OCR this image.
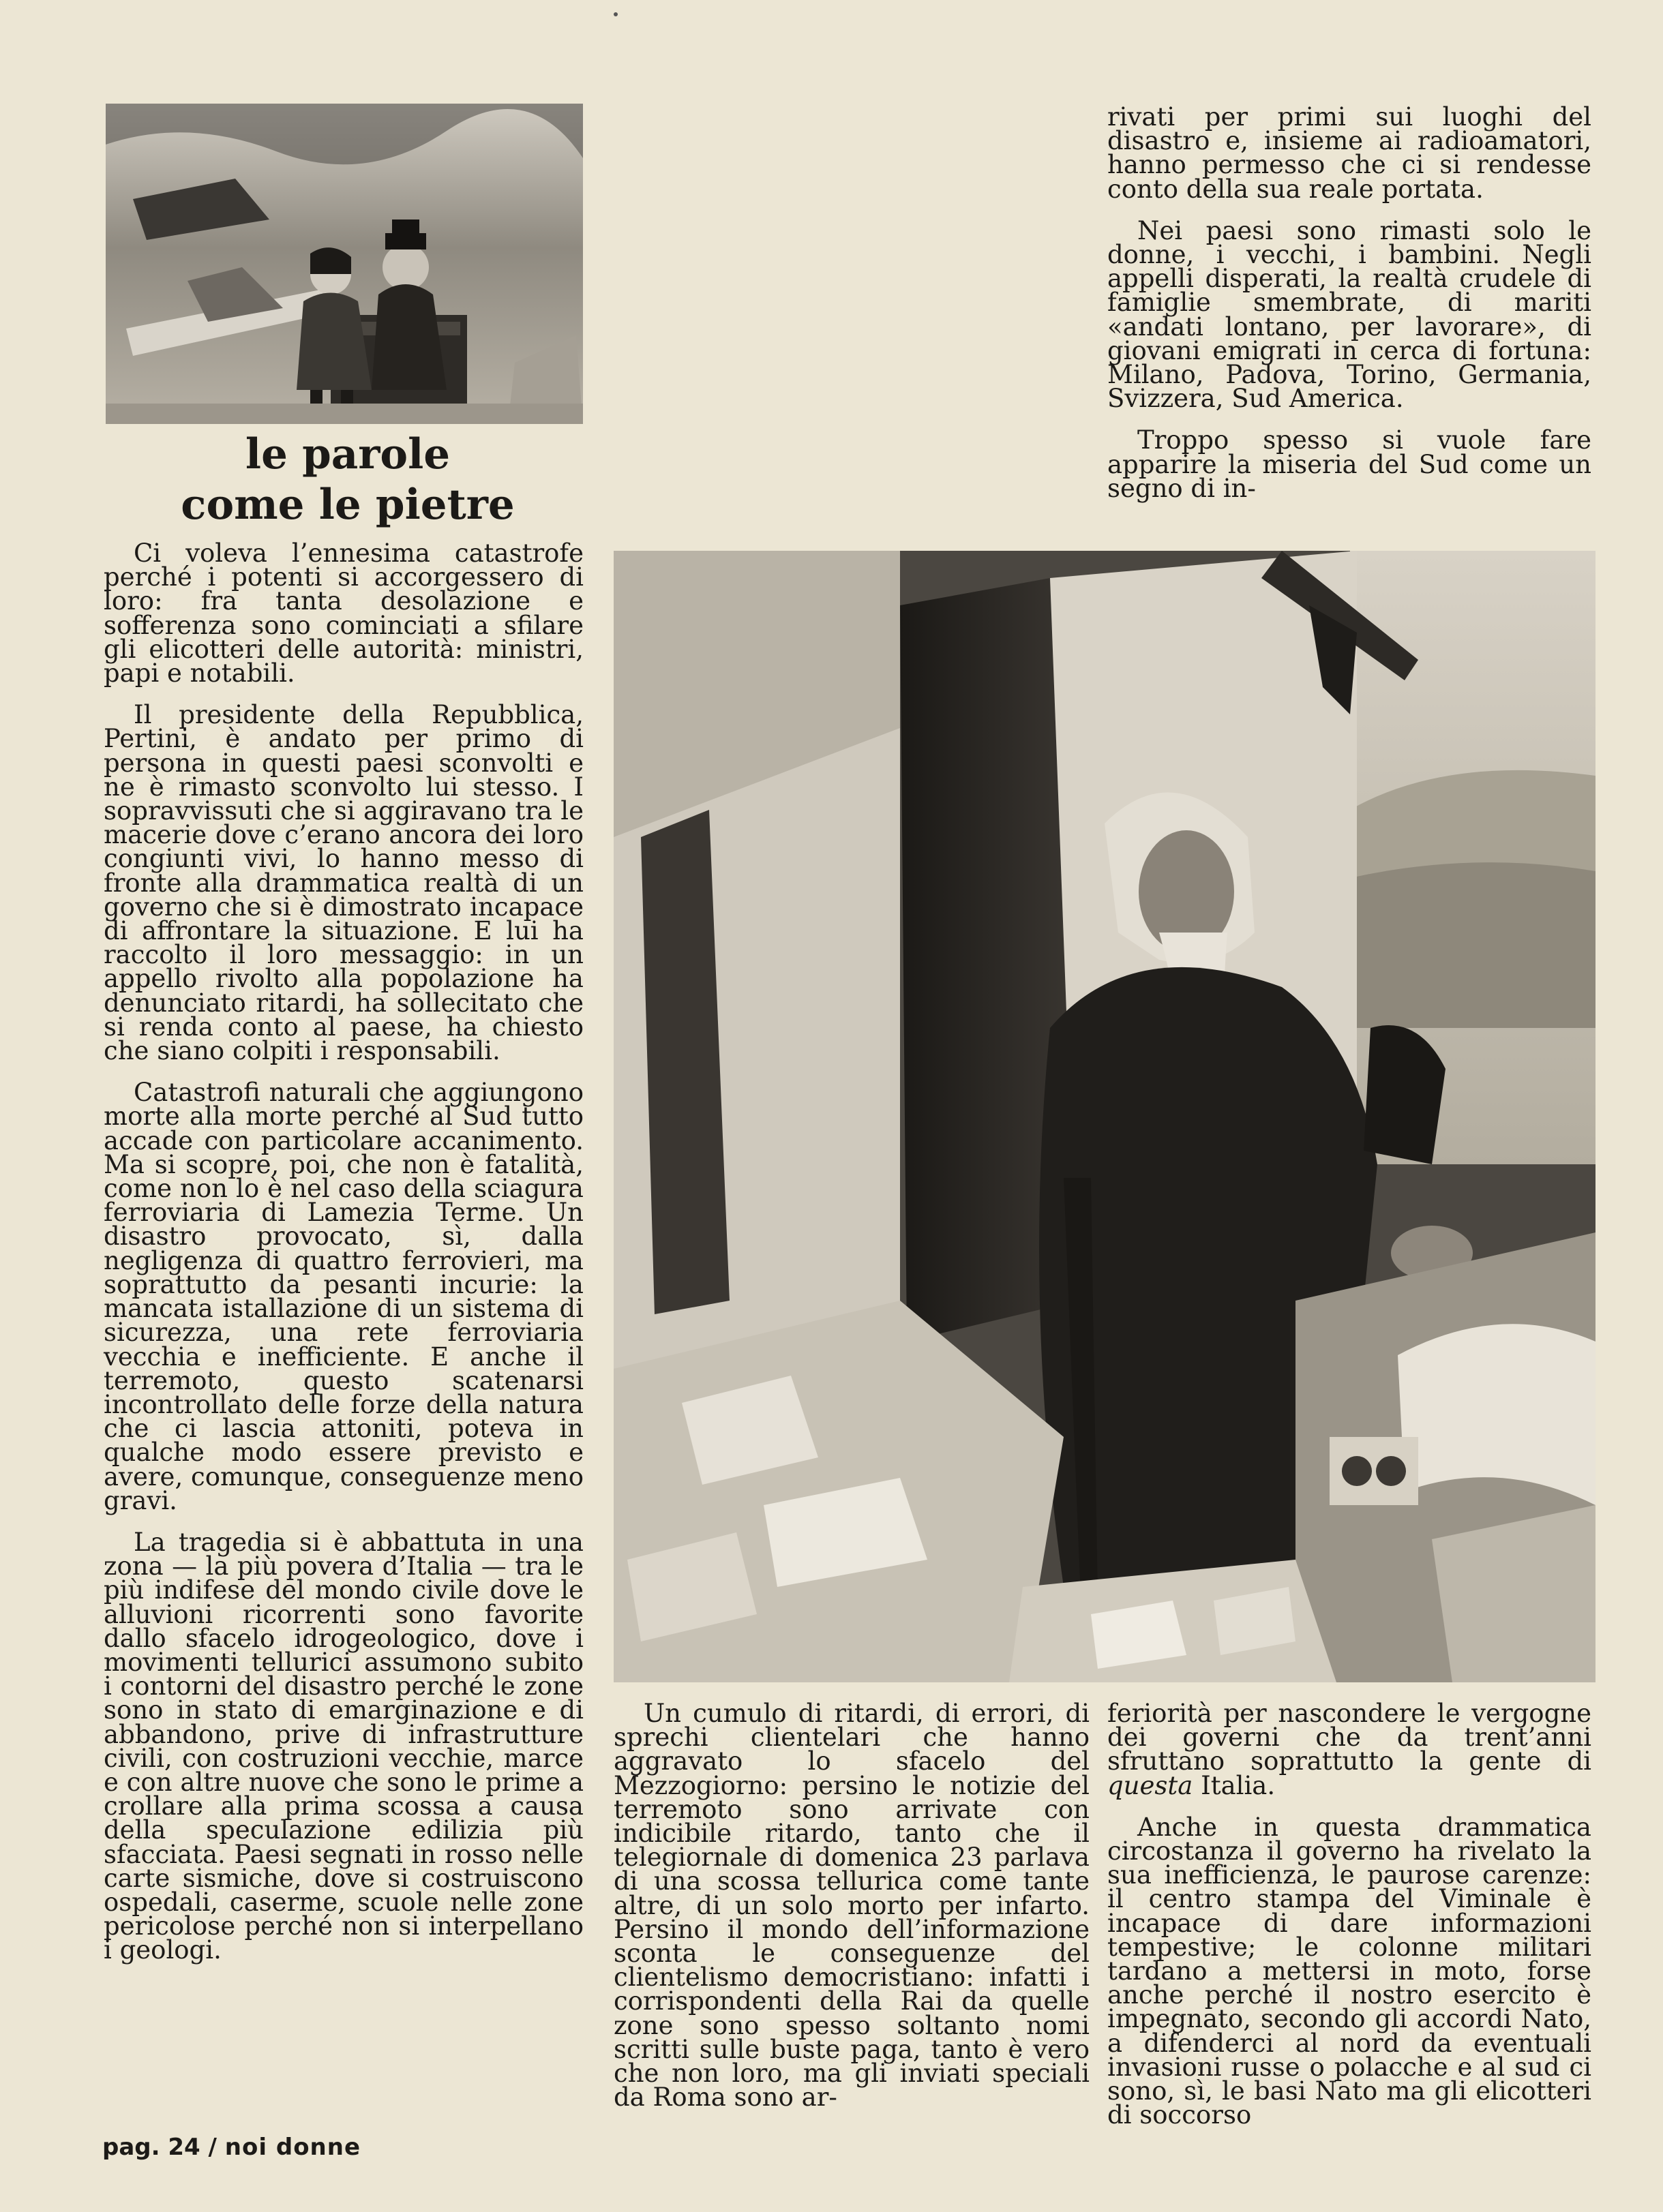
le parole
come le pietre

Ci voleva l’ennesima catastrofe perché i potenti si accorgessero di loro: fra tanta desolazione e sofferenza sono cominciati a sfilare gli elicotteri delle autorità: ministri, papi e notabili.

Il presidente della Repubblica, Pertini, è andato per primo di persona in questi paesi sconvolti e ne è rimasto sconvolto lui stesso. I sopravvissuti che si aggiravano tra le macerie dove c’erano ancora dei loro congiunti vivi, lo hanno messo di fronte alla drammatica realtà di un governo che si è dimostrato incapace di affrontare la situazione. E lui ha raccolto il loro messaggio: in un appello rivolto alla popolazione ha denunciato ritardi, ha sollecitato che si renda conto al paese, ha chiesto che siano colpiti i responsabili.

Catastrofi naturali che aggiungono morte alla morte perché al Sud tutto accade con particolare accanimento. Ma si scopre, poi, che non è fatalità, come non lo è nel caso della sciagura ferroviaria di Lamezia Terme. Un disastro provocato, sì, dalla negligenza di quattro ferrovieri, ma soprattutto da pesanti incurie: la mancata istallazione di un sistema di sicurezza, una rete ferroviaria vecchia e inefficiente. E anche il terremoto, questo scatenarsi incontrollato delle forze della natura che ci lascia attoniti, poteva in qualche modo essere previsto e avere, comunque, conseguenze meno gravi.

La tragedia si è abbattuta in una zona — la più povera d’Italia — tra le più indifese del mondo civile dove le alluvioni ricorrenti sono favorite dallo sfacelo idrogeologico, dove i movimenti tellurici assumono subito i contorni del disastro perché le zone sono in stato di emarginazione e di abbandono, prive di infrastrutture civili, con costruzioni vecchie, marce e con altre nuove che sono le prime a crollare alla prima scossa a causa della speculazione edilizia più sfacciata. Paesi segnati in rosso nelle carte sismiche, dove si costruiscono ospedali, caserme, scuole nelle zone pericolose perché non si interpellano i geologi.

rivati per primi sui luoghi del disastro e, insieme ai radioamatori, hanno permesso che ci si rendesse conto della sua reale portata.

Nei paesi sono rimasti solo le donne, i vecchi, i bambini. Negli appelli disperati, la realtà crudele di famiglie smembrate, di mariti «andati lontano, per lavorare», di giovani emigrati in cerca di fortuna: Milano, Padova, Torino, Germania, Svizzera, Sud America.

Troppo spesso si vuole fare apparire la miseria del Sud come un segno di in-

Un cumulo di ritardi, di errori, di sprechi clientelari che hanno aggravato lo sfacelo del Mezzogiorno: persino le notizie del terremoto sono arrivate con indicibile ritardo, tanto che il telegiornale di domenica 23 parlava di una scossa tellurica come tante altre, di un solo morto per infarto. Persino il mondo dell’informazione sconta le conseguenze del clientelismo democristiano: infatti i corrispondenti della Rai da quelle zone sono spesso soltanto nomi scritti sulle buste paga, tanto è vero che non loro, ma gli inviati speciali da Roma sono ar-

feriorità per nascondere le vergogne dei governi che da trent’anni sfruttano soprattutto la gente di questa Italia.

Anche in questa drammatica circostanza il governo ha rivelato la sua inefficienza, le paurose carenze: il centro stampa del Viminale è incapace di dare informazioni tempestive; le colonne militari tardano a mettersi in moto, forse anche perché il nostro esercito è impegnato, secondo gli accordi Nato, a difenderci al nord da eventuali invasioni russe o polacche e al sud ci sono, sì, le basi Nato ma gli elicotteri di soccorso

pag. 24 / noi donne
